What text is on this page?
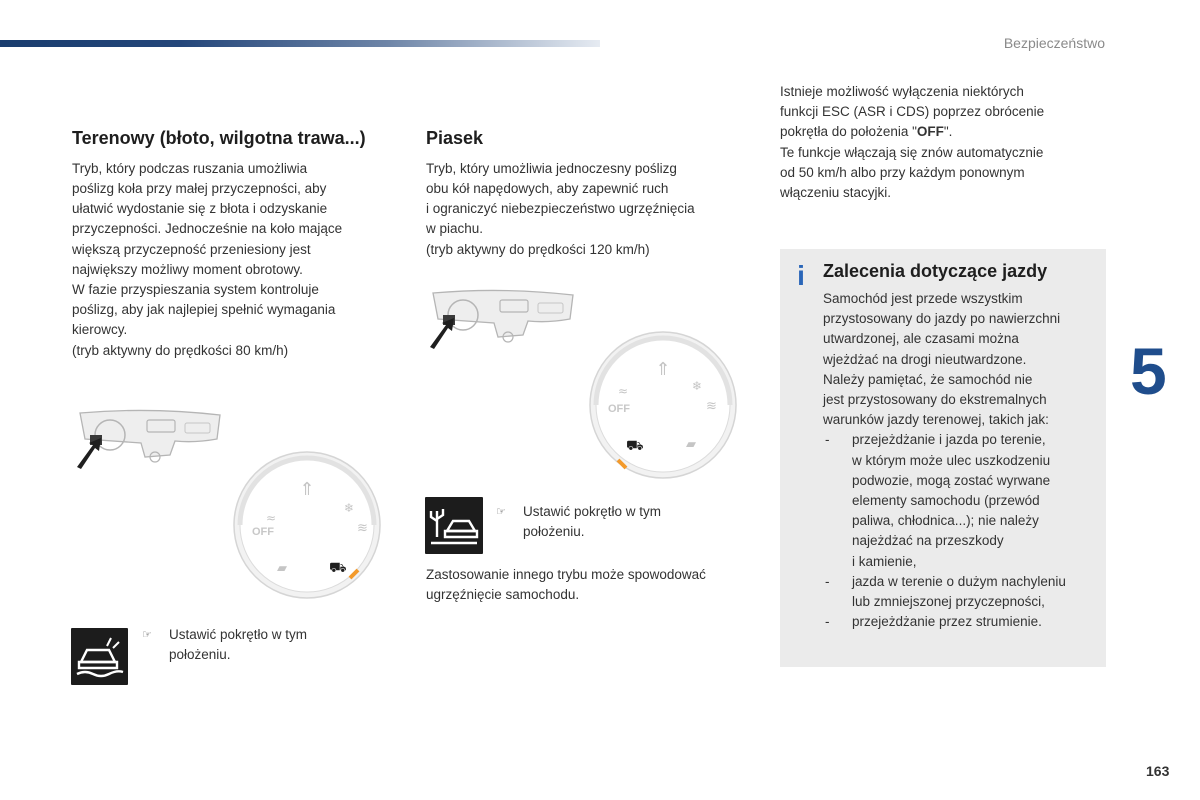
Bezpieczeństwo
5
163
Terenowy (błoto, wilgotna trawa...)

Tryb, który podczas ruszania umożliwia
poślizg koła przy małej przyczepności, aby
ułatwić wydostanie się z błota i odzyskanie
przyczepności. Jednocześnie na koło mające
większą przyczepność przeniesiony jest
największy możliwy moment obrotowy.
W fazie przyspieszania system kontroluje
poślizg, aby jak najlepiej spełnić wymagania
kierowcy.
(tryb aktywny do prędkości 80 km/h)

⇑
≈
OFF
❄
≋
▰	⛟
☞ Ustawić pokrętło w tym
położeniu.
Piasek

Tryb, który umożliwia jednoczesny poślizg
obu kół napędowych, aby zapewnić ruch
i ograniczyć niebezpieczeństwo ugrzęźnięcia
w piachu.
(tryb aktywny do prędkości 120 km/h)

⇑
≈
OFF
❄
≋
⛟	▰
☞ Ustawić pokrętło w tym
położeniu.
Zastosowanie innego trybu może spowodować
ugrzęźnięcie samochodu.

Istnieje możliwość wyłączenia niektórych
funkcji ESC (ASR i CDS) poprzez obrócenie
pokrętła do położenia "OFF".
Te funkcje włączają się znów automatycznie
od 50 km/h albo przy każdym ponownym
włączeniu stacyjki.

i Zalecenia dotyczące jazdy

Samochód jest przede wszystkim
przystosowany do jazdy po nawierzchni
utwardzonej, ale czasami można
wjeżdżać na drogi nieutwardzone.
Należy pamiętać, że samochód nie
jest przystosowany do ekstremalnych
warunków jazdy terenowej, takich jak:

- przejeżdżanie i jazda po terenie,
w którym może ulec uszkodzeniu
podwozie, mogą zostać wyrwane
elementy samochodu (przewód
paliwa, chłodnica...); nie należy
najeżdżać na przeszkody
i kamienie,
- jazda w terenie o dużym nachyleniu
lub zmniejszonej przyczepności,
- przejeżdżanie przez strumienie.
